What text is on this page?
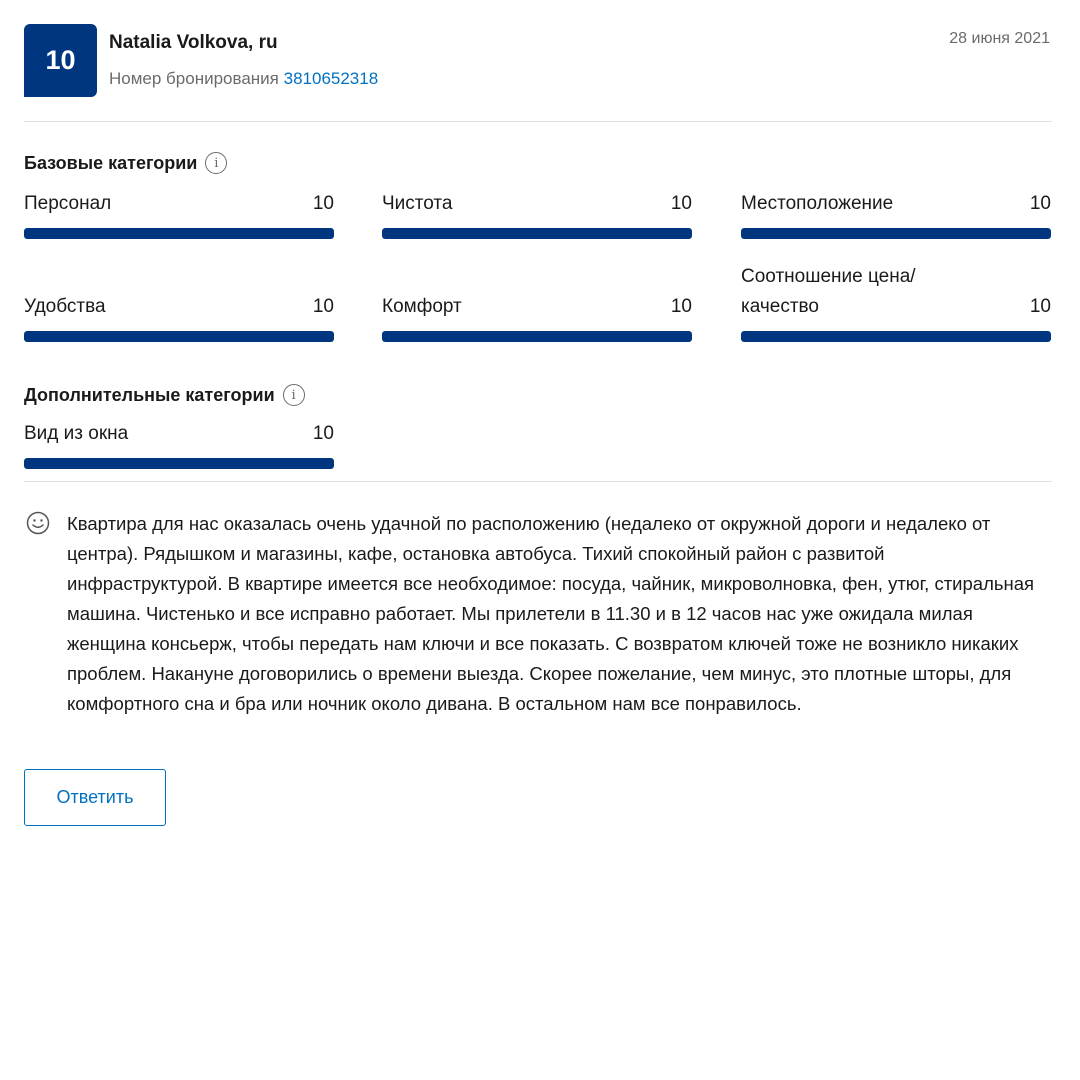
10
Natalia Volkova, ru
Номер бронирования 3810652318
28 июня 2021
Базовые категории	i
Персонал	10	Чистота	10	Местоположение	10
Удобства	10	Комфорт	10
Соотношение цена/ качество	10
Дополнительные категории	i
Вид из окна	10
Квартира для нас оказалась очень удачной по расположению (недалеко от окружной дороги и недалеко от центра). Рядышком и магазины, кафе, остановка автобуса. Тихий спокойный район с развитой инфраструктурой. В квартире имеется все необходимое: посуда, чайник, микроволновка, фен, утюг, стиральная машина. Чистенько и все исправно работает. Мы прилетели в 11.30 и в 12 часов нас уже ожидала милая женщина консьерж, чтобы передать нам ключи и все показать. С возвратом ключей тоже не возникло никаких проблем. Накануне договорились о времени выезда. Скорее пожелание, чем минус, это плотные шторы, для комфортного сна и бра или ночник около дивана. В остальном нам все понравилось.
Ответить
